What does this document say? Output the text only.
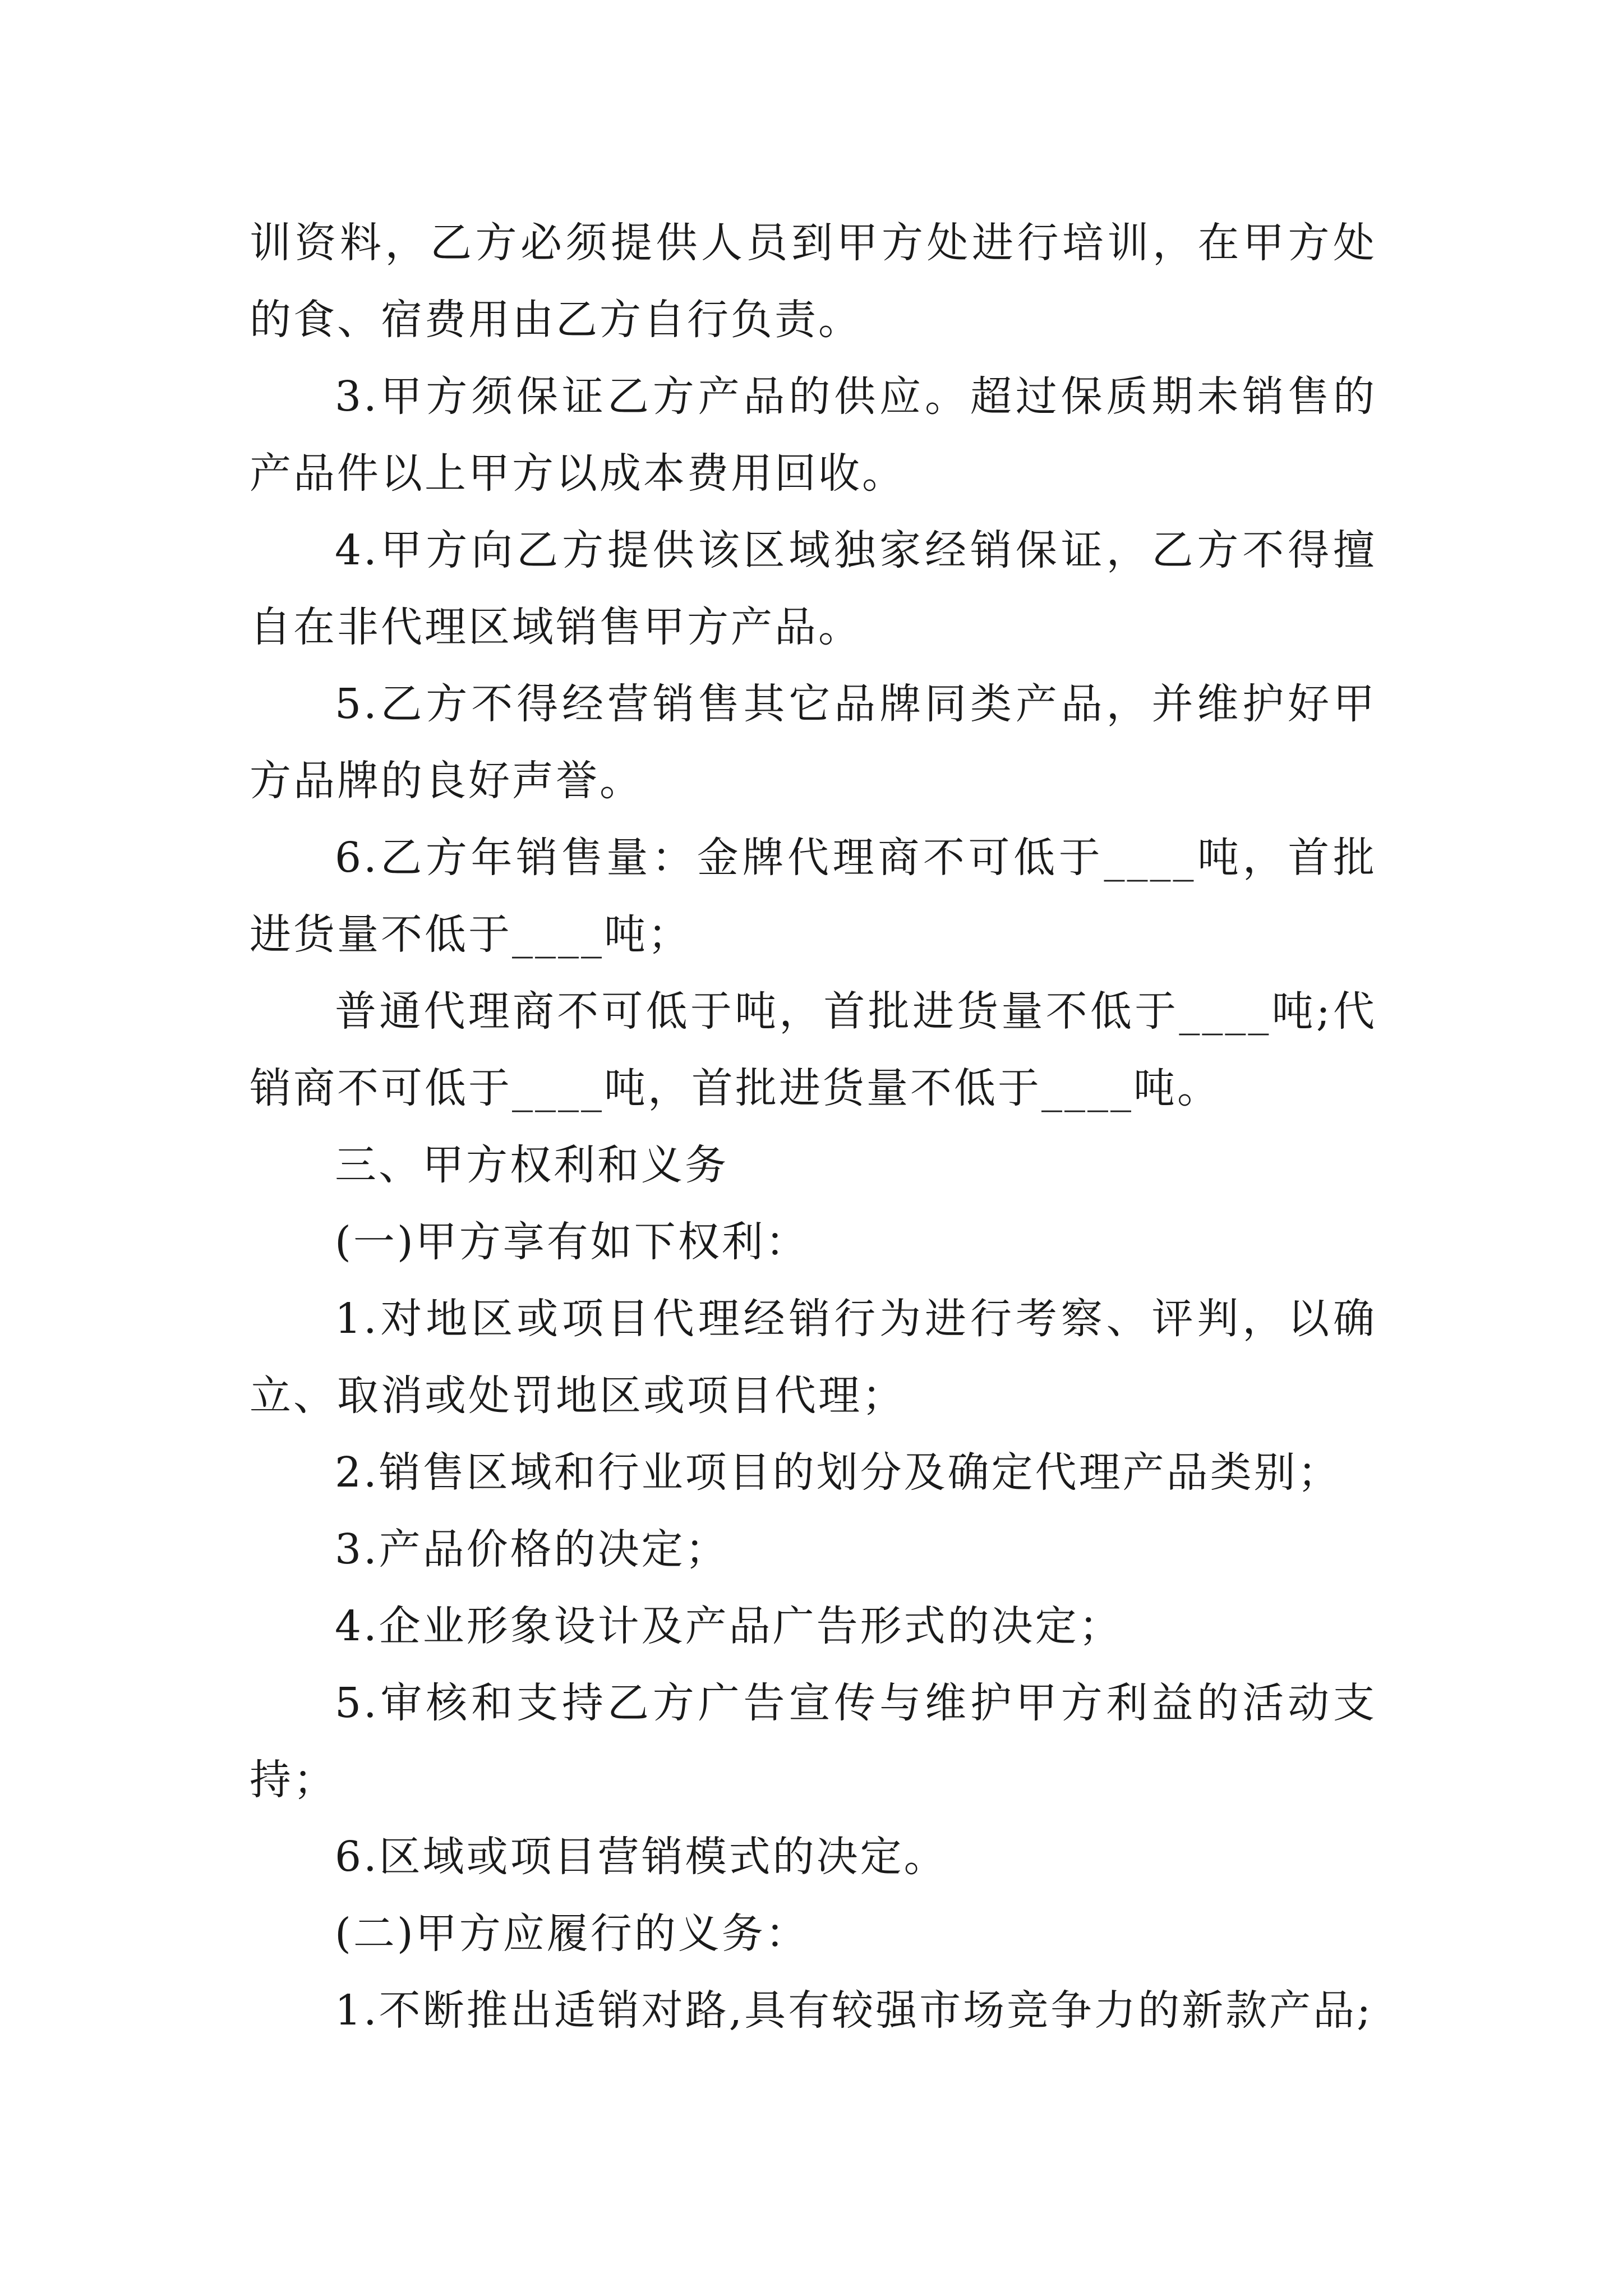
训资料，乙方必须提供人员到甲方处进行培训，在甲方处的食、宿费用由乙方自行负责。

3.甲方须保证乙方产品的供应。超过保质期未销售的产品件以上甲方以成本费用回收。

4.甲方向乙方提供该区域独家经销保证，乙方不得擅自在非代理区域销售甲方产品。

5.乙方不得经营销售其它品牌同类产品，并维护好甲方品牌的良好声誉。

6.乙方年销售量：金牌代理商不可低于____吨，首批进货量不低于____吨；

普通代理商不可低于吨，首批进货量不低于____吨;代销商不可低于____吨，首批进货量不低于____吨。

三、甲方权利和义务

(一)甲方享有如下权利：

1.对地区或项目代理经销行为进行考察、评判，以确立、取消或处罚地区或项目代理；

2.销售区域和行业项目的划分及确定代理产品类别；

3.产品价格的决定；

4.企业形象设计及产品广告形式的决定；

5.审核和支持乙方广告宣传与维护甲方利益的活动支持；

6.区域或项目营销模式的决定。

(二)甲方应履行的义务：

1.不断推出适销对路,具有较强市场竞争力的新款产品;
